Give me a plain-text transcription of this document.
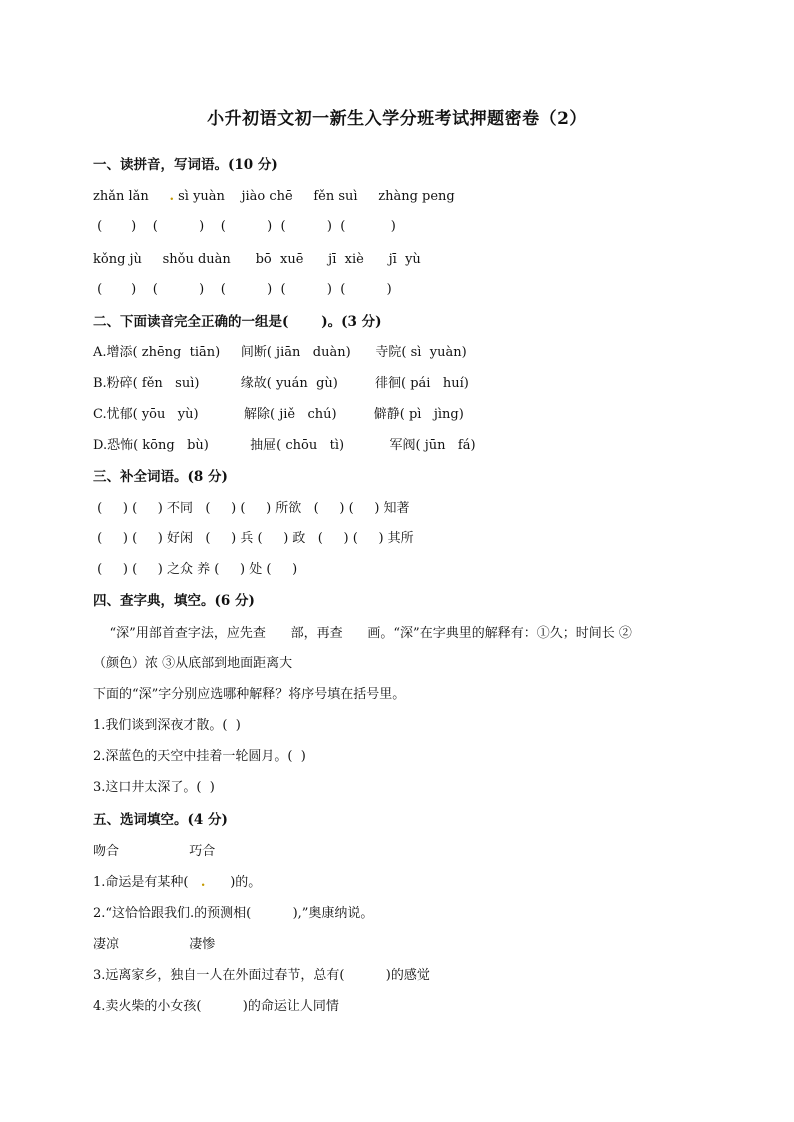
小升初语文初一新生入学分班考试押题密卷（2）
一、读拼音，写词语。(10 分)
zhǎn lǎn . sì yuàn    jiào chē     fěn suì     zhàng peng
(       )    (          )    (          )  (          )  (           )
kǒng jù     shǒu duàn      bō  xuē      jī  xiè      jī  yù
(       )    (          )    (          )  (          )  (          )
二、下面读音完全正确的一组是(       )。(3 分)
A.增添( zhēng  tiān)     间断( jiān   duàn)      寺院( sì  yuàn)
B.粉碎( fěn   suì)          缘故( yuán  gù)         徘徊( pái   huí)
C.忧郁( yōu   yù)           解除( jiě   chú)         僻静( pì   jìng)
D.恐怖( kōng   bù)          抽屉( chōu   tì)           军阀( jūn   fá)
三、补全词语。(8 分)
(     ) (     ) 不同   (     ) (     ) 所欲   (     ) (     ) 知著
(     ) (     ) 好闲   (     ) 兵 (     ) 政   (     ) (     ) 其所
(     ) (     ) 之众 养 (     ) 处 (     )
四、查字典，填空。(6 分)
“深”用部首查字法，应先查      部，再查      画。“深”在字典里的解释有：①久；时间长 ②
（颜色）浓 ③从底部到地面距离大
下面的“深”字分别应选哪种解释？将序号填在括号里。
1.我们谈到深夜才散。(  )
2.深蓝色的天空中挂着一轮圆月。(  )
3.这口井太深了。(  )
五、选词填空。(4 分)
吻合                 巧合
1.命运是有某种( .      )的。
2.“这恰恰跟我们.的预测相(          ),”奥康纳说。
凄凉                 凄惨
3.远离家乡，独自一人在外面过春节，总有(          )的感觉
4.卖火柴的小女孩(          )的命运让人同情
